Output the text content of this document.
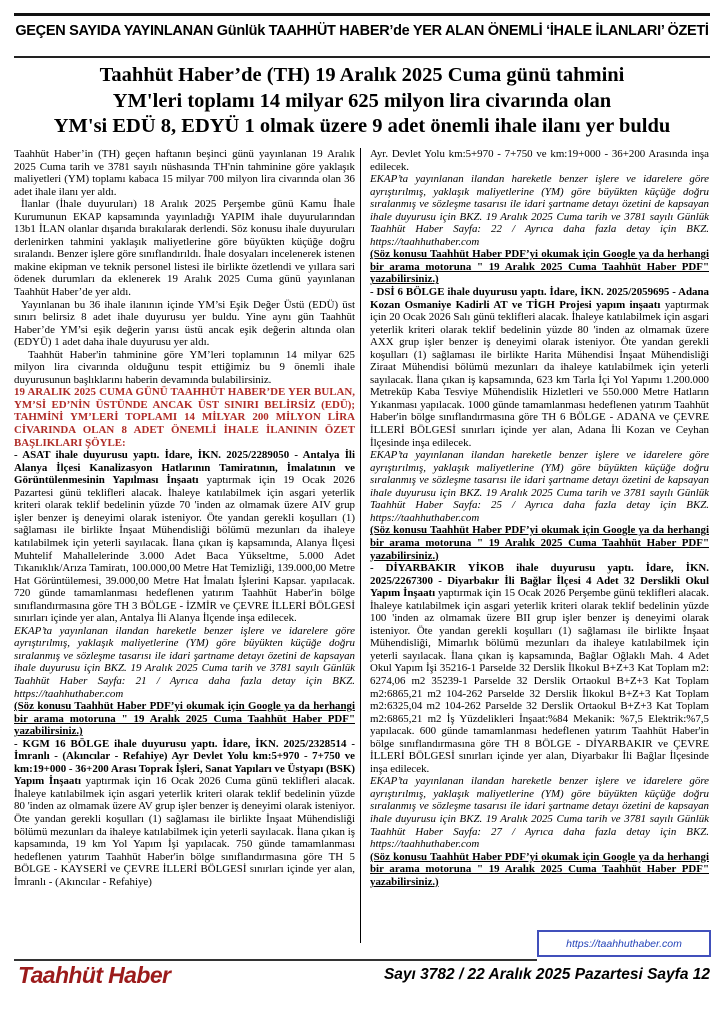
GEÇEN SAYIDA YAYINLANAN Günlük TAAHHÜT HABER’de YER ALAN ÖNEMLİ ‘İHALE İLANLARI’ ÖZETİ
Taahhüt Haber’de (TH) 19 Aralık 2025 Cuma günü tahmini
YM'leri toplamı 14 milyar 625 milyon lira civarında olan
YM'si EDÜ 8, EDYÜ 1 olmak üzere 9 adet önemli ihale ilanı yer buldu

Taahhüt Haber’in (TH) geçen haftanın beşinci günü yayınlanan 19 Aralık 2025 Cuma tarih ve 3781 sayılı nüshasında TH'nin tahminine göre yaklaşık maliyetleri (YM) toplamı kabaca 15 milyar 700 milyon lira civarında olan 36 adet ihale ilanı yer aldı.

İlanlar (İhale duyuruları) 18 Aralık 2025 Perşembe günü Kamu İhale Kurumunun EKAP kapsamında yayınladığı YAPIM ihale duyurularından 13b1 İLAN olanlar dışarıda bırakılarak derlendi. Söz konusu ihale duyuruları derlenirken tahmini yaklaşık maliyetlerine göre büyükten küçüğe doğru sıralandı. Benzer işlere göre sınıflandırıldı. İhale dosyaları incelenerek istenen makine ekipman ve teknik personel listesi ile birlikte özetlendi ve yıllara sari ödenek durumları da eklenerek 19 Aralık 2025 Cuma günü yayınlanan Taahhüt Haber’de yer aldı.

Yayınlanan bu 36 ihale ilanının içinde YM’si Eşik Değer Üstü (EDÜ) üst sınırı belirsiz 8 adet ihale duyurusu yer buldu. Yine aynı gün Taahhüt Haber’de YM’si eşik değerin yarısı üstü ancak eşik değerin altında olan (EDYÜ) 1 adet daha ihale duyurusu yer aldı.

Taahhüt Haber'in tahminine göre YM’leri toplamının 14 milyar 625 milyon lira civarında olduğunu tespit ettiğimiz bu 9 önemli ihale duyurusunun başlıklarını haberin devamında bulabilirsiniz.

19 ARALIK 2025 CUMA GÜNÜ TAAHHÜT HABER’DE YER BULAN, YM’Sİ ED’NİN ÜSTÜNDE ANCAK ÜST SINIRI BELİRSİZ (EDÜ); TAHMİNİ YM’LERİ TOPLAMI 14 MİLYAR 200 MİLYON LİRA CİVARINDA OLAN 8 ADET ÖNEMLİ İHALE İLANININ ÖZET BAŞLIKLARI ŞÖYLE:

- ASAT ihale duyurusu yaptı. İdare, İKN. 2025/2289050 - Antalya İli Alanya İlçesi Kanalizasyon Hatlarının Tamiratının, İmalatının ve Görüntülenmesinin Yapılması İnşaatı yaptırmak için 19 Ocak 2026 Pazartesi günü teklifleri alacak. İhaleye katılabilmek için asgari yeterlik kriteri olarak teklif bedelinin yüzde 70 'inden az olmamak üzere AIV grup işler benzer iş deneyimi olarak isteniyor. Öte yandan gerekli koşulları (1) sağlaması ile birlikte İnşaat Mühendisliği bölümü mezunları da ihaleye katılabilmek için yeterli sayılacak. İlana çıkan iş kapsamında, Alanya İlçesi Muhtelif Mahallelerinde 3.000 Adet Baca Yükseltme, 5.000 Adet Tıkanıklık/Arıza Tamiratı, 100.000,00 Metre Hat Temizliği, 139.000,00 Metre Hat Görüntülemesi, 39.000,00 Metre Hat İmalatı İşlerini Kapsar. yapılacak. 720 günde tamamlanması hedeflenen yatırım Taahhüt Haber'in bölge sınıflandırmasına göre TH 3 BÖLGE - İZMİR ve ÇEVRE İLLERİ BÖLGESİ sınırları içinde yer alan, Antalya İli Alanya İlçende inşa edilecek.

EKAP’ta yayınlanan ilandan hareketle benzer işlere ve idarelere göre ayrıştırılmış, yaklaşık maliyetlerine (YM) göre büyükten küçüğe doğru sıralanmış ve sözleşme tasarısı ile idari şartname detayı özetini de kapsayan ihale duyurusu için BKZ. 19 Aralık 2025 Cuma tarih ve 3781 sayılı Günlük Taahhüt Haber Sayfa: 21 / Ayrıca daha fazla detay için BKZ. https://taahhuthaber.com

(Söz konusu Taahhüt Haber PDF’yi okumak için Google ya da herhangi bir arama motoruna " 19 Aralık 2025 Cuma Taahhüt Haber PDF" yazabilirsiniz.)

- KGM 16 BÖLGE ihale duyurusu yaptı. İdare, İKN. 2025/2328514 - İmranlı - (Akıncılar - Refahiye) Ayr Devlet Yolu km:5+970 - 7+750 ve km:19+000 - 36+200 Arası Toprak İşleri, Sanat Yapıları ve Üstyapı (BSK) Yapım İnşaatı yaptırmak için 16 Ocak 2026 Cuma günü teklifleri alacak. İhaleye katılabilmek için asgari yeterlik kriteri olarak teklif bedelinin yüzde 80 'inden az olmamak üzere AV grup işler benzer iş deneyimi olarak isteniyor. Öte yandan gerekli koşulları (1) sağlaması ile birlikte İnşaat Mühendisliği bölümü mezunları da ihaleye katılabilmek için yeterli sayılacak. İlana çıkan iş kapsamında, 19 km Yol Yapım İşi yapılacak. 750 günde tamamlanması hedeflenen yatırım Taahhüt Haber'in bölge sınıflandırmasına göre TH 5 BÖLGE - KAYSERİ ve ÇEVRE İLLERİ BÖLGESİ sınırları içinde yer alan, İmranlı - (Akıncılar - Refahiye)

Ayr. Devlet Yolu km:5+970 - 7+750 ve km:19+000 - 36+200 Arasında inşa edilecek.

EKAP’ta yayınlanan ilandan hareketle benzer işlere ve idarelere göre ayrıştırılmış, yaklaşık maliyetlerine (YM) göre büyükten küçüğe doğru sıralanmış ve sözleşme tasarısı ile idari şartname detayı özetini de kapsayan ihale duyurusu için BKZ. 19 Aralık 2025 Cuma tarih ve 3781 sayılı Günlük Taahhüt Haber Sayfa: 22 / Ayrıca daha fazla detay için BKZ. https://taahhuthaber.com

(Söz konusu Taahhüt Haber PDF’yi okumak için Google ya da herhangi bir arama motoruna " 19 Aralık 2025 Cuma Taahhüt Haber PDF" yazabilirsiniz.)

- DSİ 6 BÖLGE ihale duyurusu yaptı. İdare, İKN. 2025/2059695 - Adana Kozan Osmaniye Kadirli AT ve TİGH Projesi yapım inşaatı yaptırmak için 20 Ocak 2026 Salı günü teklifleri alacak. İhaleye katılabilmek için asgari yeterlik kriteri olarak teklif bedelinin yüzde 80 'inden az olmamak üzere AXX grup işler benzer iş deneyimi olarak isteniyor. Öte yandan gerekli koşulları (1) sağlaması ile birlikte Harita Mühendisi İnşaat Mühendisliği Ziraat Mühendisi bölümü mezunları da ihaleye katılabilmek için yeterli sayılacak. İlana çıkan iş kapsamında, 623 km Tarla İçi Yol Yapımı 1.200.000 Metreküp Kaba Tesviye Mühendislik Hizletleri ve 550.000 Metre Hatların Yıkanması yapılacak. 1000 günde tamamlanması hedeflenen yatırım Taahhüt Haber'in bölge sınıflandırmasına göre TH 6 BÖLGE - ADANA ve ÇEVRE İLLERİ BÖLGESİ sınırları içinde yer alan, Adana İli Kozan ve Ceyhan İlçesinde inşa edilecek.

EKAP’ta yayınlanan ilandan hareketle benzer işlere ve idarelere göre ayrıştırılmış, yaklaşık maliyetlerine (YM) göre büyükten küçüğe doğru sıralanmış ve sözleşme tasarısı ile idari şartname detayı özetini de kapsayan ihale duyurusu için BKZ. 19 Aralık 2025 Cuma tarih ve 3781 sayılı Günlük Taahhüt Haber Sayfa: 25 / Ayrıca daha fazla detay için BKZ. https://taahhuthaber.com

(Söz konusu Taahhüt Haber PDF’yi okumak için Google ya da herhangi bir arama motoruna " 19 Aralık 2025 Cuma Taahhüt Haber PDF" yazabilirsiniz.)

- DİYARBAKIR YİKOB ihale duyurusu yaptı. İdare, İKN. 2025/2267300 - Diyarbakır İli Bağlar İlçesi 4 Adet 32 Derslikli Okul Yapım İnşaatı yaptırmak için 15 Ocak 2026 Perşembe günü teklifleri alacak. İhaleye katılabilmek için asgari yeterlik kriteri olarak teklif bedelinin yüzde 100 'inden az olmamak üzere BII grup işler benzer iş deneyimi olarak isteniyor. Öte yandan gerekli koşulları (1) sağlaması ile birlikte İnşaat Mühendisliği, Mimarlık bölümü mezunları da ihaleye katılabilmek için yeterli sayılacak. İlana çıkan iş kapsamında, Bağlar Oğlaklı Mah. 4 Adet Okul Yapım İşi 35216-1 Parselde 32 Derslik İlkokul B+Z+3 Kat Toplam m2: 6274,06 m2 35239-1 Parselde 32 Derslik Ortaokul B+Z+3 Kat Toplam m2:6865,21 m2 104-262 Parselde 32 Derslik İlkokul B+Z+3 Kat Toplam m2:6325,04 m2 104-262 Parselde 32 Derslik Ortaokul B+Z+3 Kat Toplam m2:6865,21 m2 İş Yüzdelikleri İnşaat:%84 Mekanik: %7,5 Elektrik:%7,5 yapılacak. 600 günde tamamlanması hedeflenen yatırım Taahhüt Haber'in bölge sınıflandırmasına göre TH 8 BÖLGE - DİYARBAKIR ve ÇEVRE İLLERİ BÖLGESİ sınırları içinde yer alan, Diyarbakır İli Bağlar İlçesinde inşa edilecek.

EKAP’ta yayınlanan ilandan hareketle benzer işlere ve idarelere göre ayrıştırılmış, yaklaşık maliyetlerine (YM) göre büyükten küçüğe doğru sıralanmış ve sözleşme tasarısı ile idari şartname detayı özetini de kapsayan ihale duyurusu için BKZ. 19 Aralık 2025 Cuma tarih ve 3781 sayılı Günlük Taahhüt Haber Sayfa: 27 / Ayrıca daha fazla detay için BKZ. https://taahhuthaber.com

(Söz konusu Taahhüt Haber PDF’yi okumak için Google ya da herhangi bir arama motoruna " 19 Aralık 2025 Cuma Taahhüt Haber PDF" yazabilirsiniz.)

https://taahhuthaber.com
Taahhüt Haber	Sayı 3782 / 22 Aralık 2025 Pazartesi Sayfa 12
